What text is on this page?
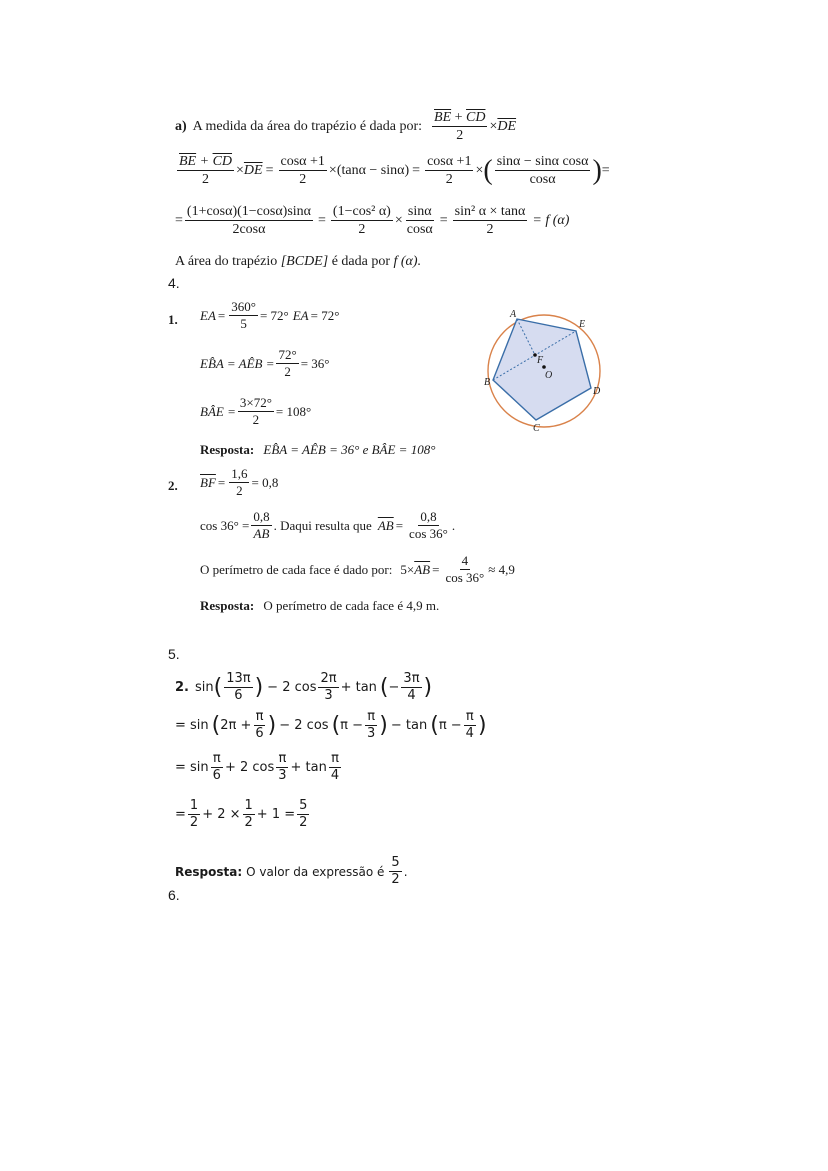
a) A medida da área do trapézio é dada por: $\frac{\overline{BE} + \overline{CD}}{2} \times \overline{DE}$
$\frac{\overline{BE} + \overline{CD}}{2} \times \overline{DE} = \frac{\cos\alpha +1}{2} \times (\tan\alpha - \sin\alpha) = \frac{\cos\alpha +1}{2}$ × ( $\frac{\text{sinα − sinα cosα}}{\cos\alpha}$ ) =
= $\frac{(1+\cos\alpha)(1-\cos\alpha)\sin\alpha}{2\cos\alpha} = \frac{\text{(1−cos² α)}}{2} \times \frac{\sin\alpha}{\cos\alpha} = \frac{\text{sin² α × tanα}}{2} = f$ (α)
A área do trapézio [BCDE] é dada por f (α).
4.
1. EA = $\frac{360^\circ}{5} = 72^\circ$ EA = 72°
EB̂A = AÊB = $\frac{72^\circ}{2} = 36^\circ$
BÂE = $\frac{3\times 72^\circ}{2} = 108^\circ$
Resposta: EB̂A = AÊB = 36° e BÂE = 108°
A
E
D
C
B
F
O
2. $\overline{BF} = \frac{1,6}{2} = 0,8$
$\cos 36^\circ = \frac{0,8}{AB}$ . Daqui resulta que $\overline{AB} = \frac{0,8}{\cos 36^\circ}$ .
O perímetro de cada face é dado por: $5\times \overline{AB} = \frac{4}{\cos 36^\circ} \approx 4,9$
Resposta: O perímetro de cada face é 4,9 m.
5.
2. sin ( $\frac{13\pi}{6}$ ) − 2 $\cos \frac{2\pi}{3} + \tan$ ( − $\frac{3\pi}{4}$ )
= sin ( $2\pi + \frac{\pi}{6}$ ) − 2 cos ( $\pi - \frac{\pi}{3}$ ) − tan ( $\pi - \frac{\pi}{4}$ )
= $\sin \frac{\pi}{6} + 2$ $\cos \frac{\pi}{3} + \tan \frac{\pi}{4}$
= $\frac{1}{2} + 2 \times \frac{1}{2} + 1 = \frac{5}{2}$
Resposta: O valor da expressão é $\frac{5}{2}$ .
6.
